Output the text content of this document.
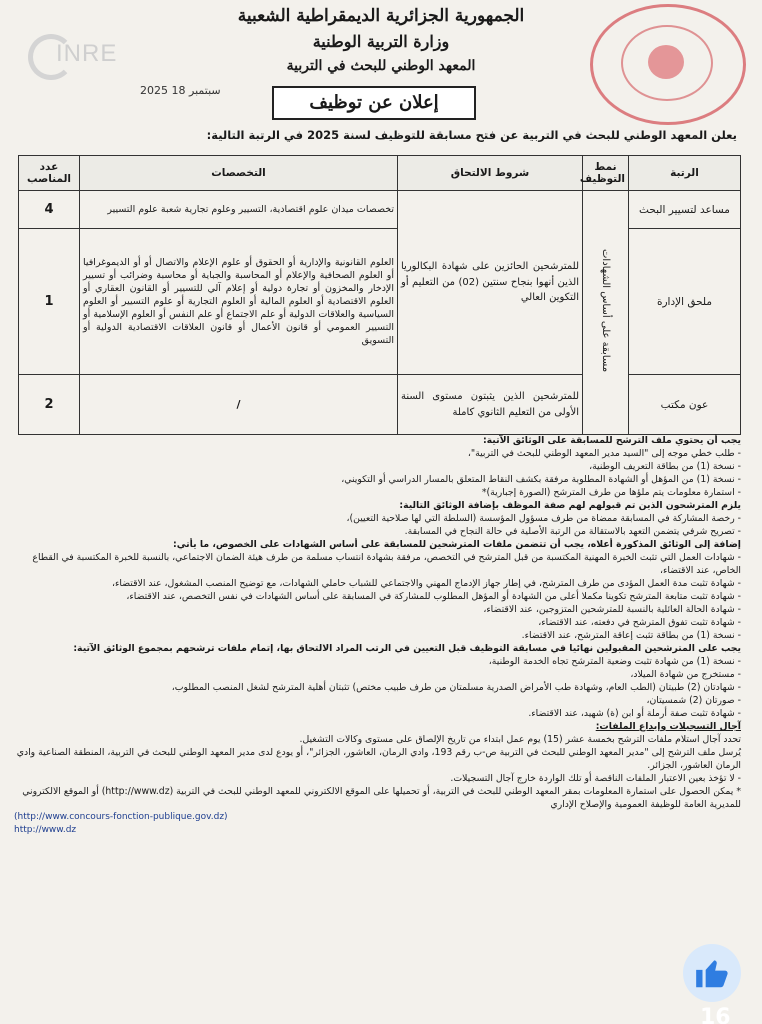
الجمهورية الجزائرية الديمقراطية الشعبية
وزارة التربية الوطنية
المعهد الوطني للبحث في التربية
INRE
2025 سبتمبر 18
إعلان عن توظيف
يعلن المعهد الوطني للبحث في التربية عن فتح مسابقة للتوظيف لسنة 2025 في الرتبة التالية:
الرتبة	نمط التوظيف	شروط الالتحاق	التخصصات	عدد المناصب
مساعد لتسيير البحث	مسابقة على أساس الشهادات	للمترشحين الحائزين على شهادة البكالوريا الذين أنهوا بنجاح سنتين (02) من التعليم أو التكوين العالي	تخصصات ميدان علوم اقتصادية، التسيير وعلوم تجارية شعبة علوم التسيير	4
ملحق الإدارة			العلوم القانونية والإدارية أو الحقوق أو علوم الإعلام والاتصال أو أو الديموغرافيا أو العلوم الصحافية والإعلام أو المحاسبة والجباية أو محاسبة وضرائب أو تسيير الإدخار والمخزون أو تجارة دولية أو إعلام آلي للتسيير أو القانون العقاري أو العلوم الاقتصادية أو العلوم المالية أو العلوم التجارية أو علوم التسيير أو العلوم السياسية والعلاقات الدولية أو علم الاجتماع أو علم النفس أو العلوم الإسلامية أو التسيير العمومي أو قانون الأعمال أو قانون العلاقات الاقتصادية الدولية أو التسويق	1
عون مكتب		للمترشحين الذين يثبتون مستوى السنة الأولى من التعليم الثانوي كاملة	/	2

يجب أن يحتوي ملف الترشح للمسابقة على الوثائق الآتية:

- طلب خطي موجه إلى "السيد مدير المعهد الوطني للبحث في التربية"،

- نسخة (1) من بطاقة التعريف الوطنية،

- نسخة (1) من المؤهل أو الشهادة المطلوبة مرفقة بكشف النقاط المتعلق بالمسار الدراسي أو التكويني،

- استمارة معلومات يتم ملؤها من طرف المترشح (الصورة إجبارية)*

يلزم المترشحون الذين تم قبولهم لهم صفة الموظف بإضافة الوثائق التالية:

- رخصة المشاركة في المسابقة ممضاة من طرف مسؤول المؤسسة (السلطة التي لها صلاحية التعيين)،

- تصريح شرفي يتضمن التعهد بالاستقالة من الرتبة الأصلية في حالة النجاح في المسابقة.

إضافة إلى الوثائق المذكورة أعلاه، يجب أن تتضمن ملفات المترشحين للمسابقة على أساس الشهادات على الخصوص، ما يأتي:

- شهادات العمل التي تثبت الخبرة المهنية المكتسبة من قبل المترشح في التخصص، مرفقة بشهادة انتساب مسلمة من طرف هيئة الضمان الاجتماعي، بالنسبة للخبرة المكتسبة في القطاع الخاص، عند الاقتضاء،

- شهادة تثبت مدة العمل المؤدى من طرف المترشح، في إطار جهاز الإدماج المهني والاجتماعي للشباب حاملي الشهادات، مع توضيح المنصب المشغول، عند الاقتضاء،

- شهادة تثبت متابعة المترشح تكوينا مكملا أعلى من الشهادة أو المؤهل المطلوب للمشاركة في المسابقة على أساس الشهادات في نفس التخصص، عند الاقتضاء،

- شهادة الحالة العائلية بالنسبة للمترشحين المتزوجين، عند الاقتضاء،

- شهادة تثبت تفوق المترشح في دفعته، عند الاقتضاء،

- نسخة (1) من بطاقة تثبت إعاقة المترشح، عند الاقتضاء.

يجب على المترشحين المقبولين نهائيا في مسابقة التوظيف قبل التعيين في الرتب المراد الالتحاق بها، إتمام ملفات ترشحهم بمجموع الوثائق الآتية:

- نسخة (1) من شهادة تثبت وضعية المترشح تجاه الخدمة الوطنية،

- مستخرج من شهادة الميلاد،

- شهادتان (2) طبيتان (الطب العام، وشهادة طب الأمراض الصدرية مسلمتان من طرف طبيب مختص) تثبتان أهلية المترشح لشغل المنصب المطلوب،

- صورتان (2) شمسيتان،

- شهادة تثبت صفة أرملة أو ابن (ة) شهيد، عند الاقتضاء.

آجال التسجيلات وإيداع الملفات:

تحدد آجال استلام ملفات الترشح بخمسة عشر (15) يوم عمل ابتداء من تاريخ الإلصاق على مستوى وكالات التشغيل.

يُرسل ملف الترشح إلى "مدير المعهد الوطني للبحث في التربية ص-ب رقم 193، وادي الرمان، العاشور، الجزائر"، أو يودع لدى مدير المعهد الوطني للبحث في التربية، المنطقة الصناعية وادي الرمان العاشور، الجزائر.

- لا تؤخذ بعين الاعتبار الملفات الناقصة أو تلك الواردة خارج آجال التسجيلات.

* يمكن الحصول على استمارة المعلومات بمقر المعهد الوطني للبحث في التربية، أو تحميلها على الموقع الالكتروني للمعهد الوطني للبحث في التربية (http://www.dz) أو الموقع الالكتروني للمديرية العامة للوظيفة العمومية والإصلاح الإداري

(http://www.concours-fonction-publique.gov.dz)

http://www.dz

16
